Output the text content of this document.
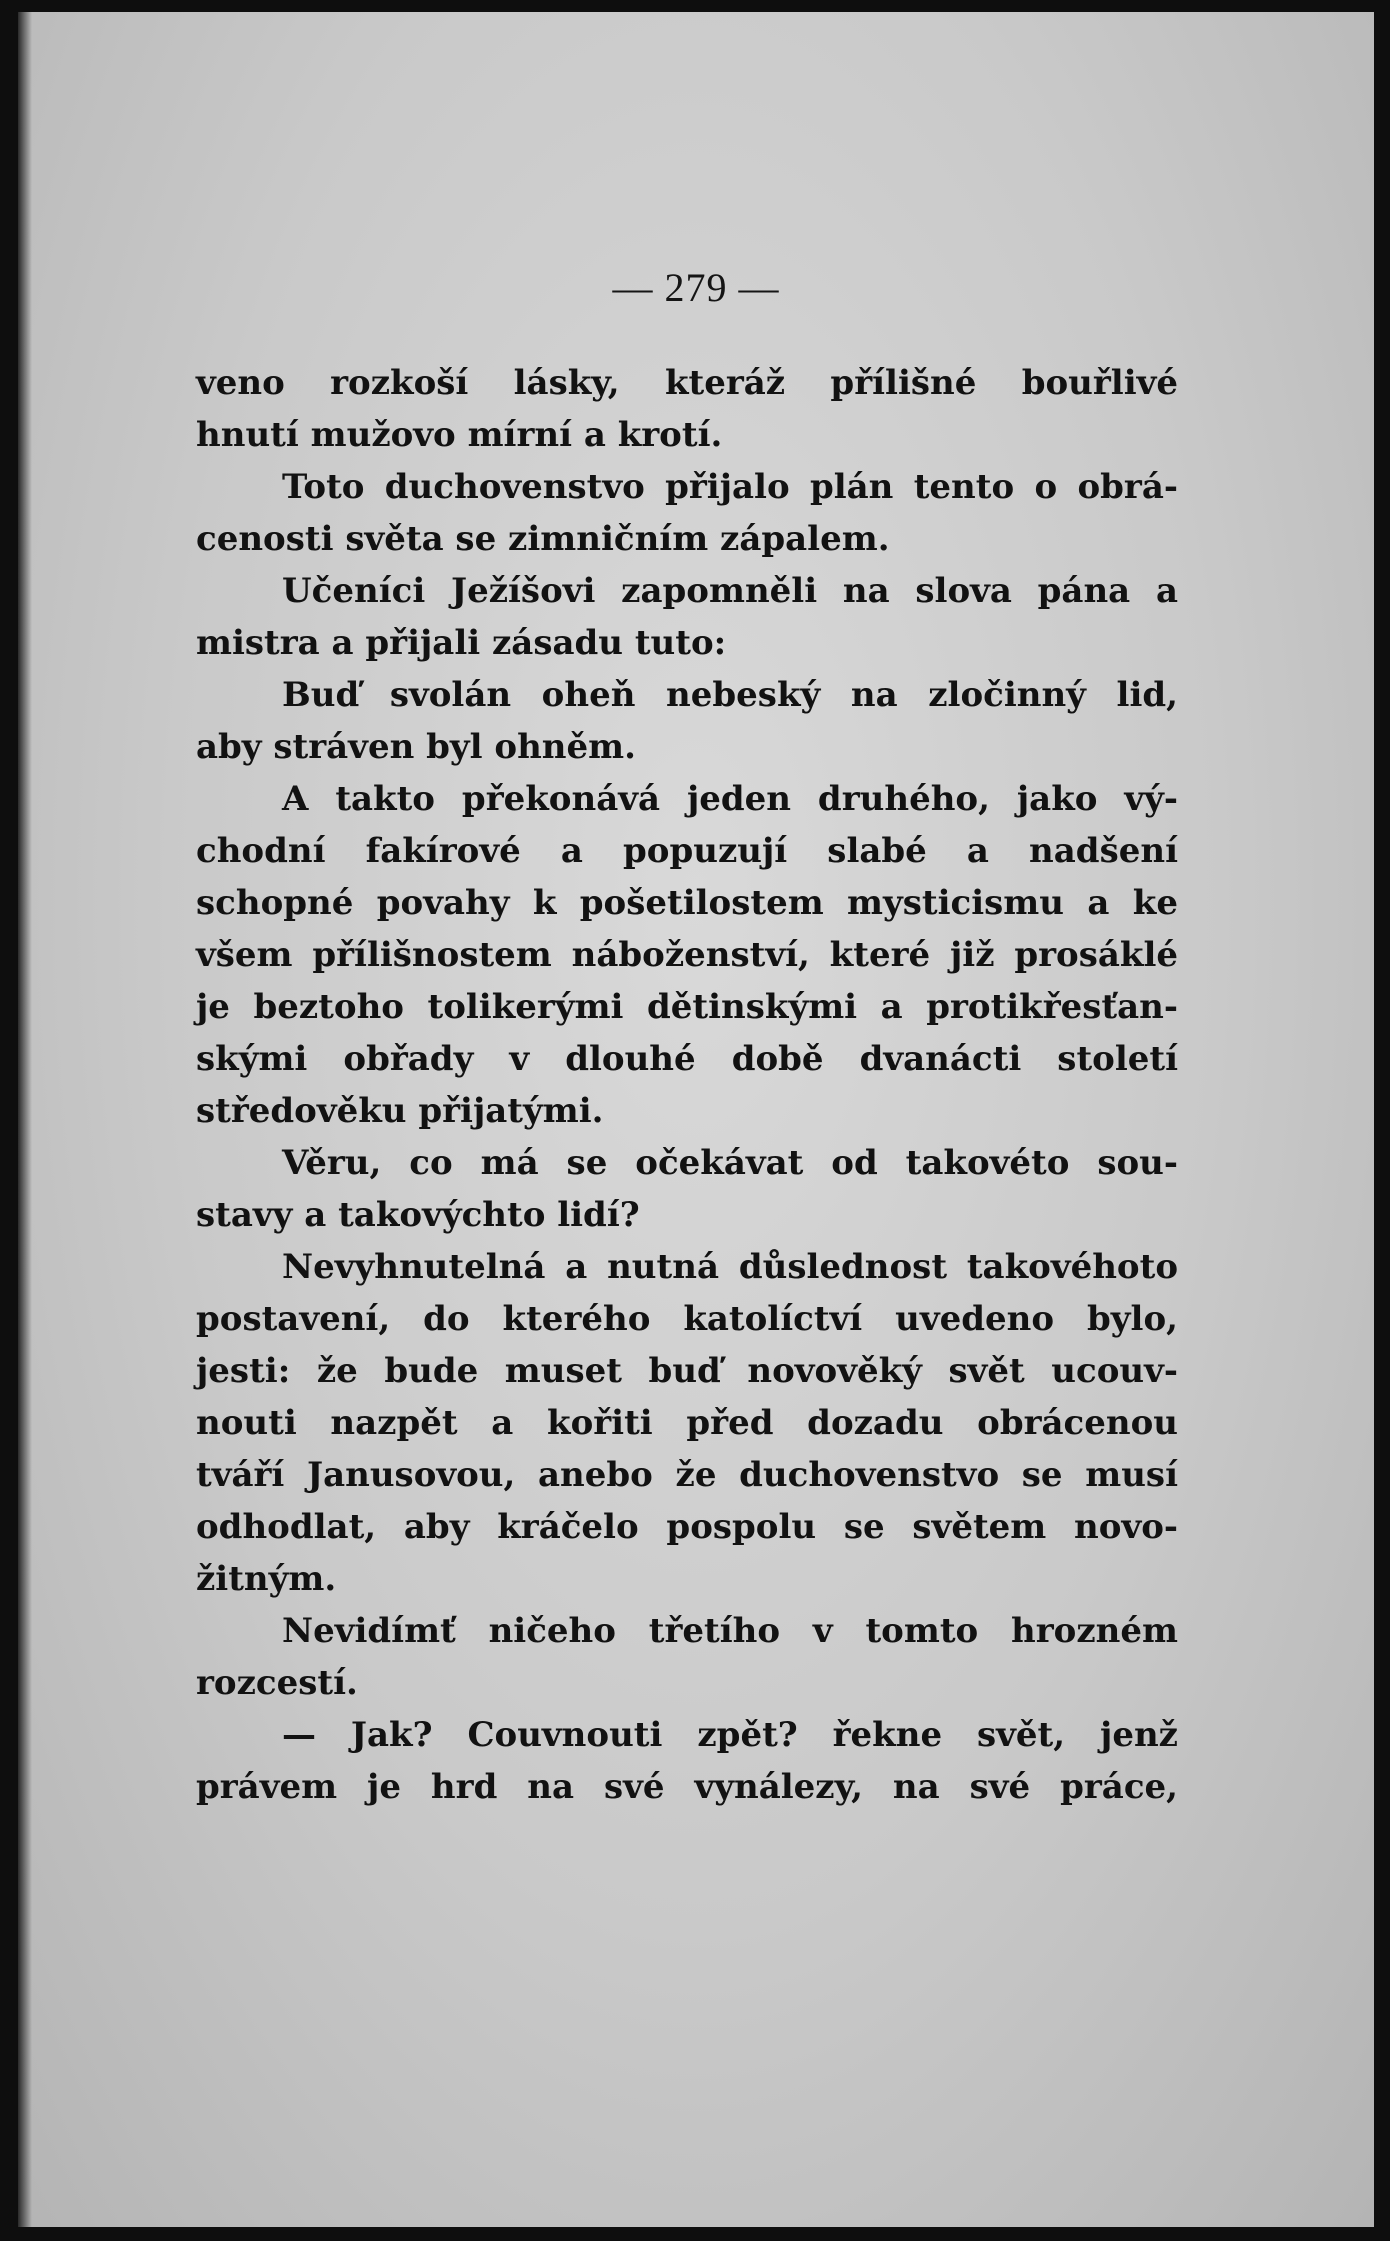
— 279 —
veno rozkoší lásky, kteráž přílišné bouřlivé
hnutí mužovo mírní a krotí.
Toto duchovenstvo přijalo plán tento o obrá-
cenosti světa se zimničním zápalem.
Učeníci Ježíšovi zapomněli na slova pána a
mistra a přijali zásadu tuto:
Buď svolán oheň nebeský na zločinný lid,
aby stráven byl ohněm.
A takto překonává jeden druhého, jako vý-
chodní fakírové a popuzují slabé a nadšení
schopné povahy k pošetilostem mysticismu a ke
všem přílišnostem náboženství, které již prosáklé
je beztoho tolikerými dětinskými a protikřesťan-
skými obřady v dlouhé době dvanácti století
středověku přijatými.
Věru, co má se očekávat od takovéto sou-
stavy a takovýchto lidí?
Nevyhnutelná a nutná důslednost takovéhoto
postavení, do kterého katolíctví uvedeno bylo,
jesti: že bude muset buď novověký svět ucouv-
nouti nazpět a kořiti před dozadu obrácenou
tváří Janusovou, anebo že duchovenstvo se musí
odhodlat, aby kráčelo pospolu se světem novo-
žitným.
Nevidímť ničeho třetího v tomto hrozném
rozcestí.
— Jak? Couvnouti zpět? řekne svět, jenž
právem je hrd na své vynálezy, na své práce,
